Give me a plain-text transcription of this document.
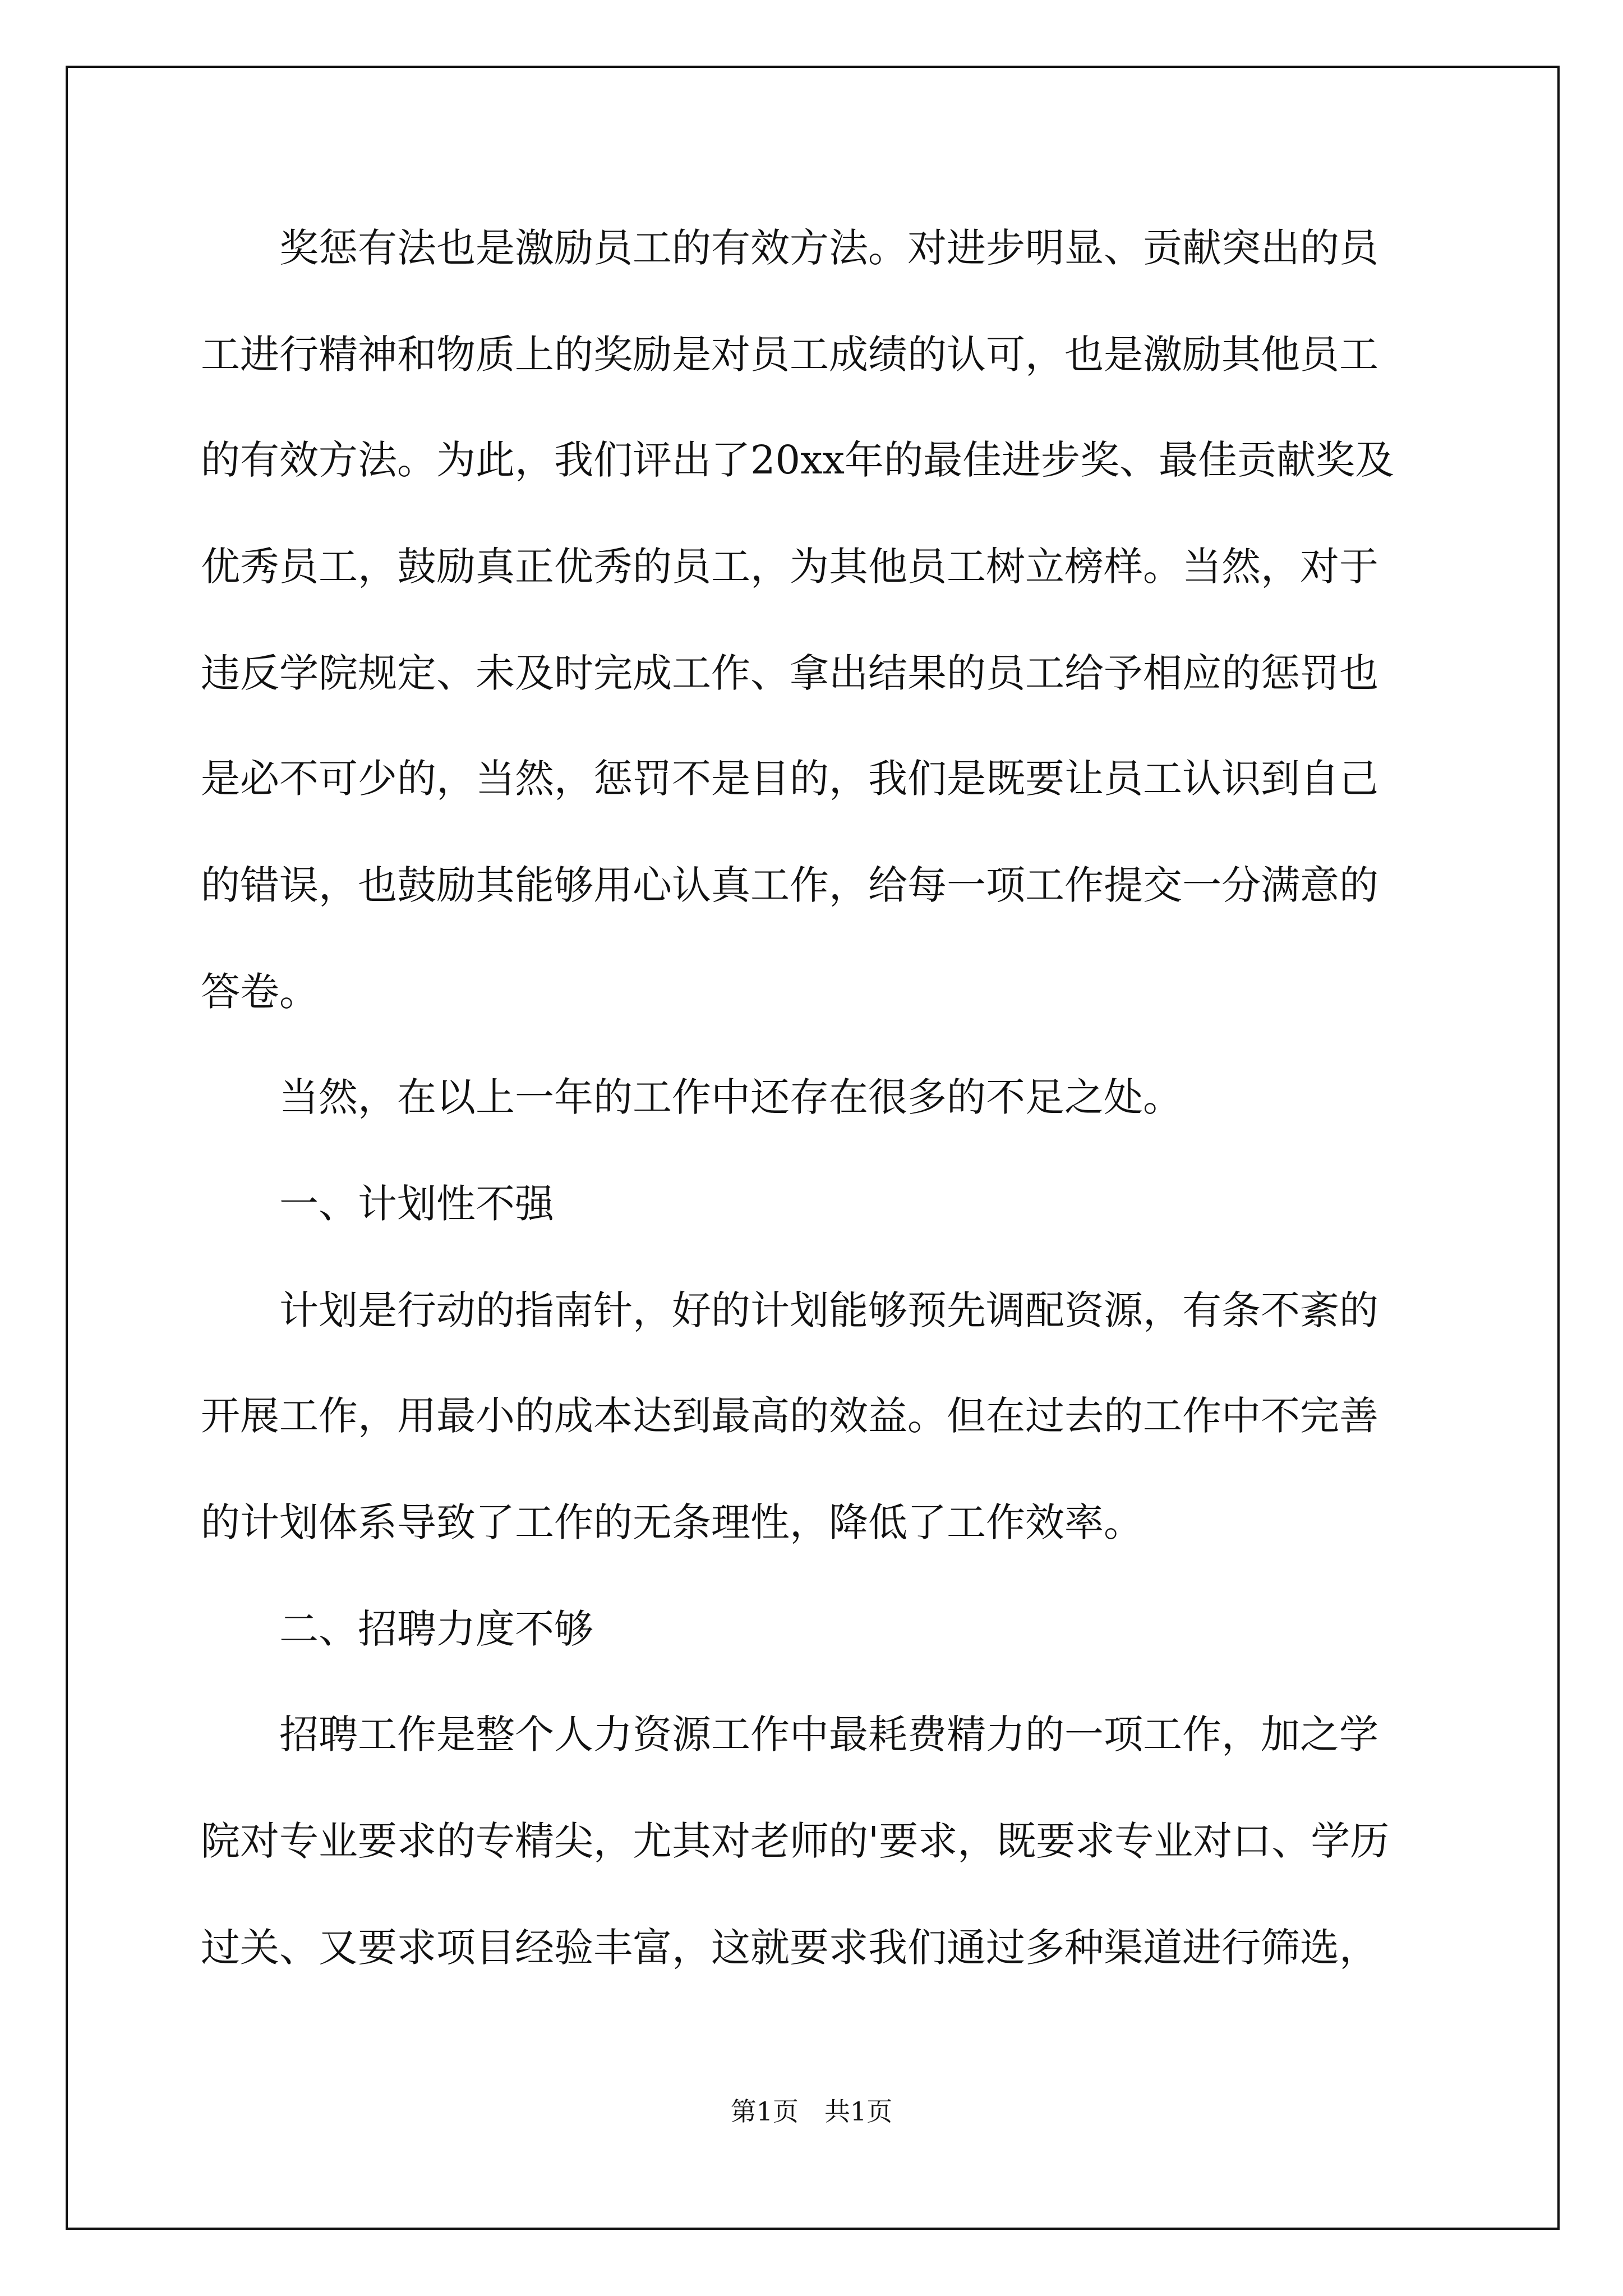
　　奖惩有法也是激励员工的有效方法。对进步明显、贡献突出的员

工进行精神和物质上的奖励是对员工成绩的认可，也是激励其他员工

的有效方法。为此，我们评出了20xx年的最佳进步奖、最佳贡献奖及

优秀员工，鼓励真正优秀的员工，为其他员工树立榜样。当然，对于

违反学院规定、未及时完成工作、拿出结果的员工给予相应的惩罚也

是必不可少的，当然，惩罚不是目的，我们是既要让员工认识到自己

的错误，也鼓励其能够用心认真工作，给每一项工作提交一分满意的

答卷。

　　当然，在以上一年的工作中还存在很多的不足之处。

　　一、计划性不强

　　计划是行动的指南针，好的计划能够预先调配资源，有条不紊的

开展工作，用最小的成本达到最高的效益。但在过去的工作中不完善

的计划体系导致了工作的无条理性，降低了工作效率。

　　二、招聘力度不够

　　招聘工作是整个人力资源工作中最耗费精力的一项工作，加之学

院对专业要求的专精尖，尤其对老师的'要求，既要求专业对口、学历

过关、又要求项目经验丰富，这就要求我们通过多种渠道进行筛选，

第1页　共1页
